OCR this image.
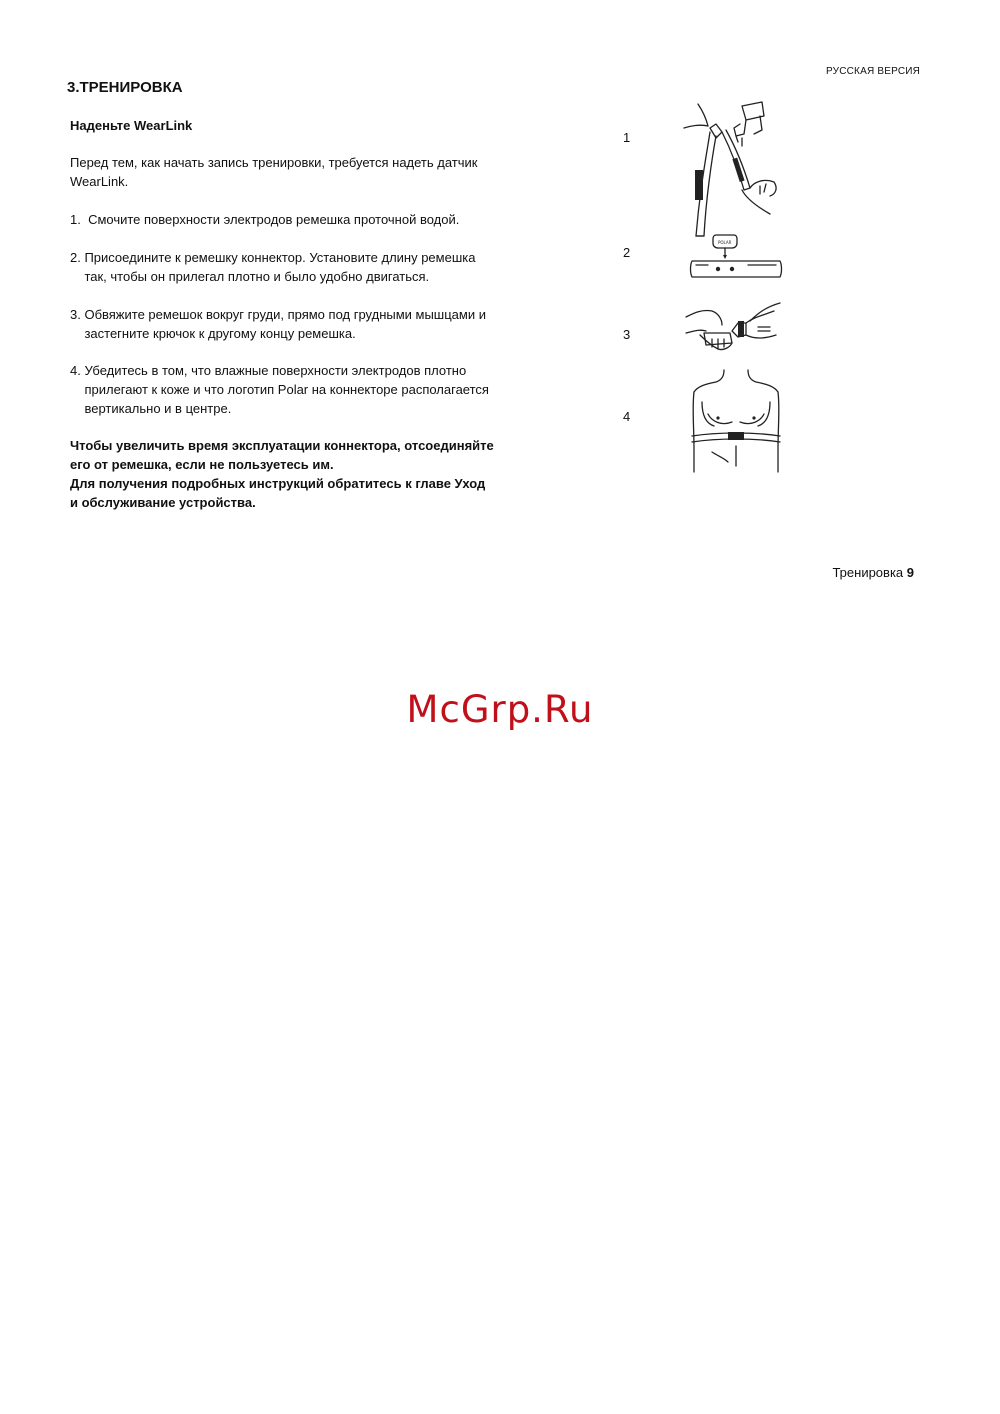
РУССКАЯ ВЕРСИЯ
3.ТРЕНИРОВКА
Наденьте WearLink
Перед тем, как начать запись тренировки, требуется надеть датчик
WearLink.
1.  Смочите поверхности электродов ремешка проточной водой.
2. Присоедините к ремешку коннектор. Установите длину ремешка
так, чтобы он прилегал плотно и было удобно двигаться.
3. Обвяжите ремешок вокруг груди, прямо под грудными мышцами и
застегните крючок к другому концу ремешка.
4. Убедитесь в том, что влажные поверхности электродов плотно
прилегают к коже и что логотип Polar на коннекторе располагается
вертикально и в центре.
Чтобы увеличить время эксплуатации коннектора, отсоединяйте
его от ремешка, если не пользуетесь им.
Для получения подробных инструкций обратитесь к главе Уход
и обслуживание устройства.
1
2
3
4
POLAR
Тренировка 9
McGrp.Ru
